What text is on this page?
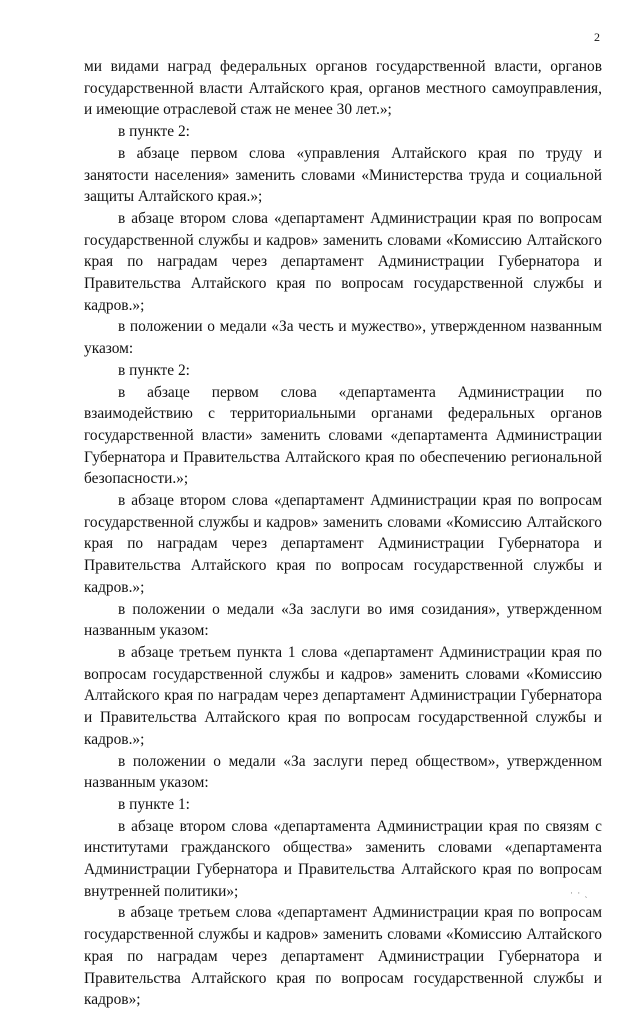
2

ми видами наград федеральных органов государственной власти, органов государственной власти Алтайского края, органов местного самоуправления, и имеющие отраслевой стаж не менее 30 лет.»;

в пункте 2:

в абзаце первом слова «управления Алтайского края по труду и занятости населения» заменить словами «Министерства труда и социальной защиты Алтайского края.»;

в абзаце втором слова «департамент Администрации края по вопросам государственной службы и кадров» заменить словами «Комиссию Алтайского края по наградам через департамент Администрации Губернатора и Правительства Алтайского края по вопросам государственной службы и кадров.»;

в положении о медали «За честь и мужество», утвержденном названным указом:

в пункте 2:

в абзаце первом слова «департамента Администрации по взаимодействию с территориальными органами федеральных органов государственной власти» заменить словами «департамента Администрации Губернатора и Правительства Алтайского края по обеспечению региональной безопасности.»;

в абзаце втором слова «департамент Администрации края по вопросам государственной службы и кадров» заменить словами «Комиссию Алтайского края по наградам через департамент Администрации Губернатора и Правительства Алтайского края по вопросам государственной службы и кадров.»;

в положении о медали «За заслуги во имя созидания», утвержденном названным указом:

в абзаце третьем пункта 1 слова «департамент Администрации края по вопросам государственной службы и кадров» заменить словами «Комиссию Алтайского края по наградам через департамент Администрации Губернатора и Правительства Алтайского края по вопросам государственной службы и кадров.»;

в положении о медали «За заслуги перед обществом», утвержденном названным указом:

в пункте 1:

в абзаце втором слова «департамента Администрации края по связям с институтами гражданского общества» заменить словами «департамента Администрации Губернатора и Правительства Алтайского края по вопросам внутренней политики»;

в абзаце третьем слова «департамент Администрации края по вопросам государственной службы и кадров» заменить словами «Комиссию Алтайского края по наградам через департамент Администрации Губернатора и Правительства Алтайского края по вопросам государственной службы и кадров»;

· · ˎ
